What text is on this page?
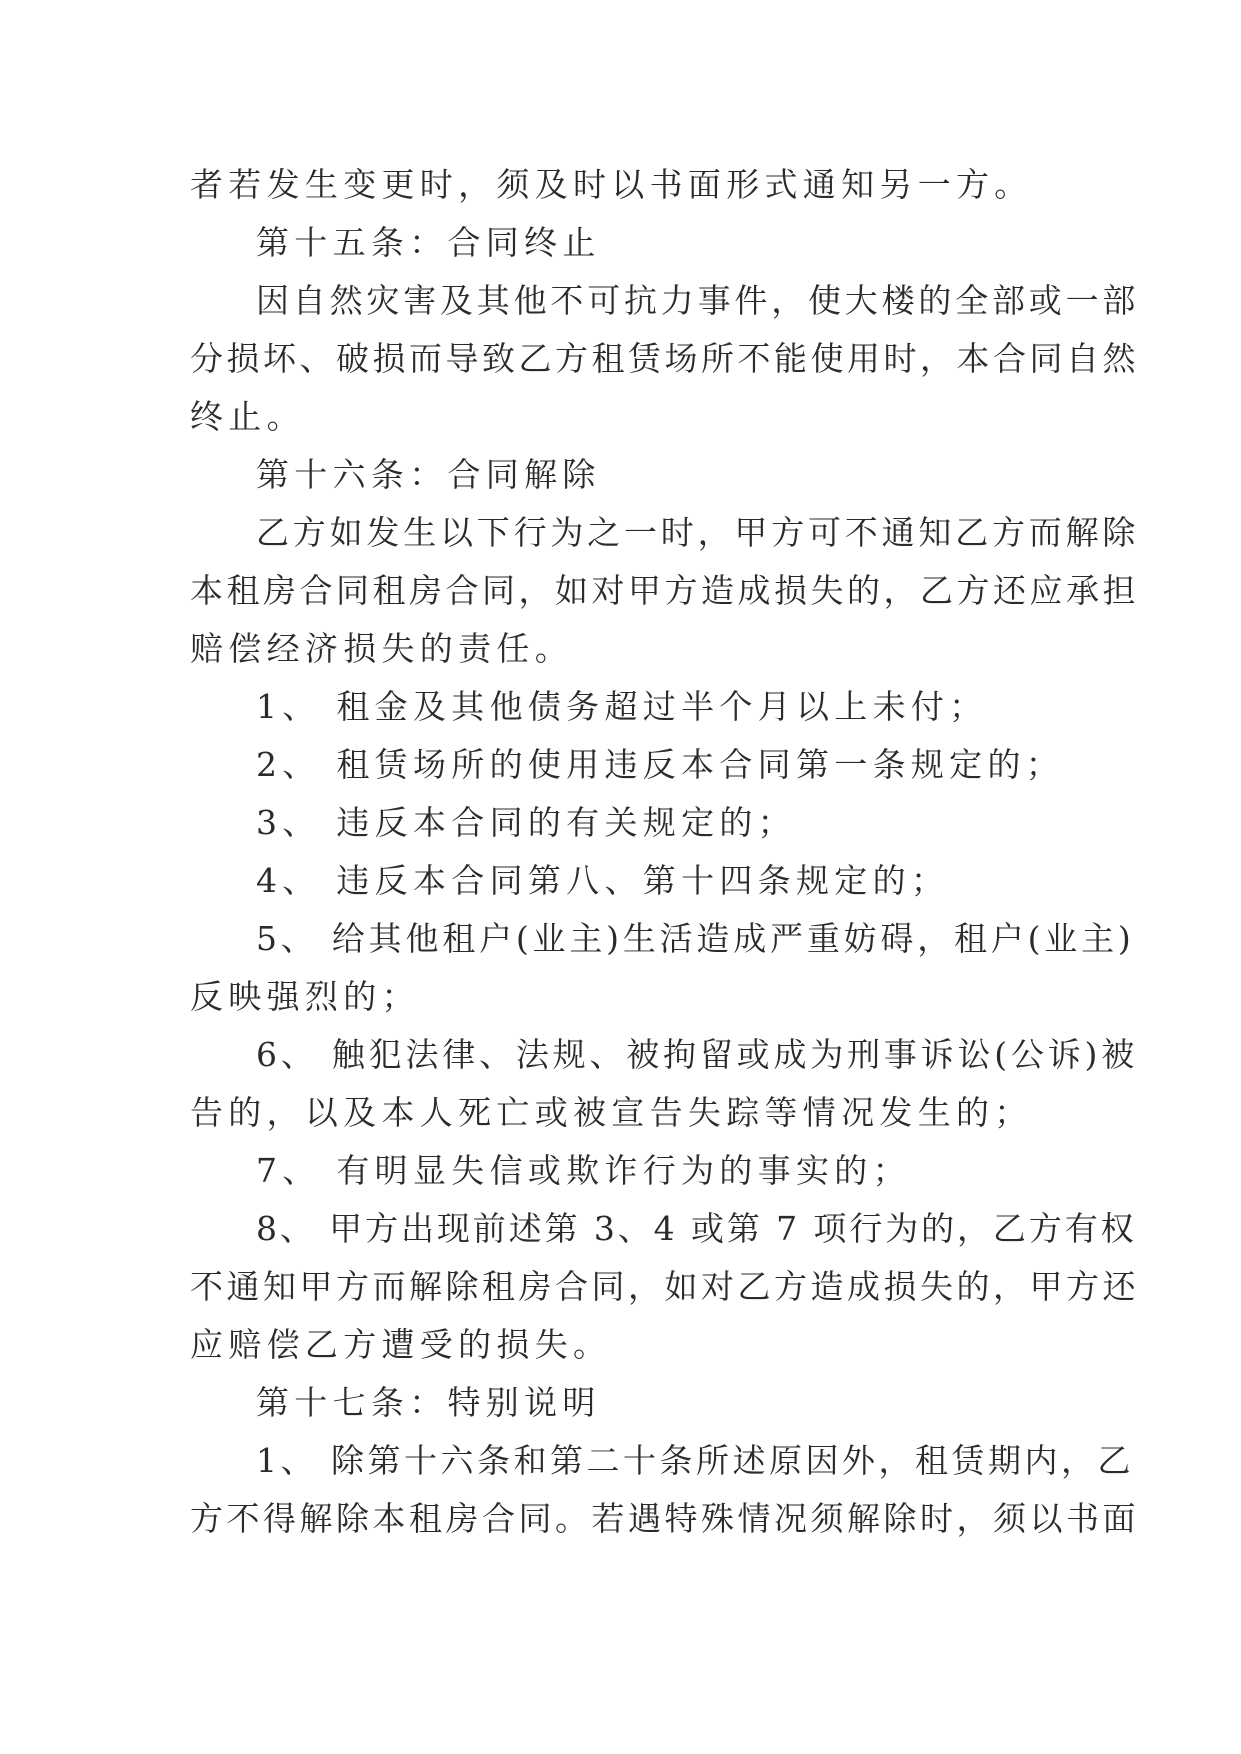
者若发生变更时，须及时以书面形式通知另一方。
第十五条：合同终止
因自然灾害及其他不可抗力事件，使大楼的全部或一部
分损坏、破损而导致乙方租赁场所不能使用时，本合同自然
终止。
第十六条：合同解除
乙方如发生以下行为之一时，甲方可不通知乙方而解除
本租房合同租房合同，如对甲方造成损失的，乙方还应承担
赔偿经济损失的责任。
1、 租金及其他债务超过半个月以上未付；
2、 租赁场所的使用违反本合同第一条规定的；
3、 违反本合同的有关规定的；
4、 违反本合同第八、第十四条规定的；
5、 给其他租户(业主)生活造成严重妨碍，租户(业主)
反映强烈的；
6、 触犯法律、法规、被拘留或成为刑事诉讼(公诉)被
告的，以及本人死亡或被宣告失踪等情况发生的；
7、 有明显失信或欺诈行为的事实的；
8、 甲方出现前述第 3、4 或第 7 项行为的，乙方有权
不通知甲方而解除租房合同，如对乙方造成损失的，甲方还
应赔偿乙方遭受的损失。
第十七条：特别说明
1、 除第十六条和第二十条所述原因外，租赁期内，乙
方不得解除本租房合同。若遇特殊情况须解除时，须以书面
